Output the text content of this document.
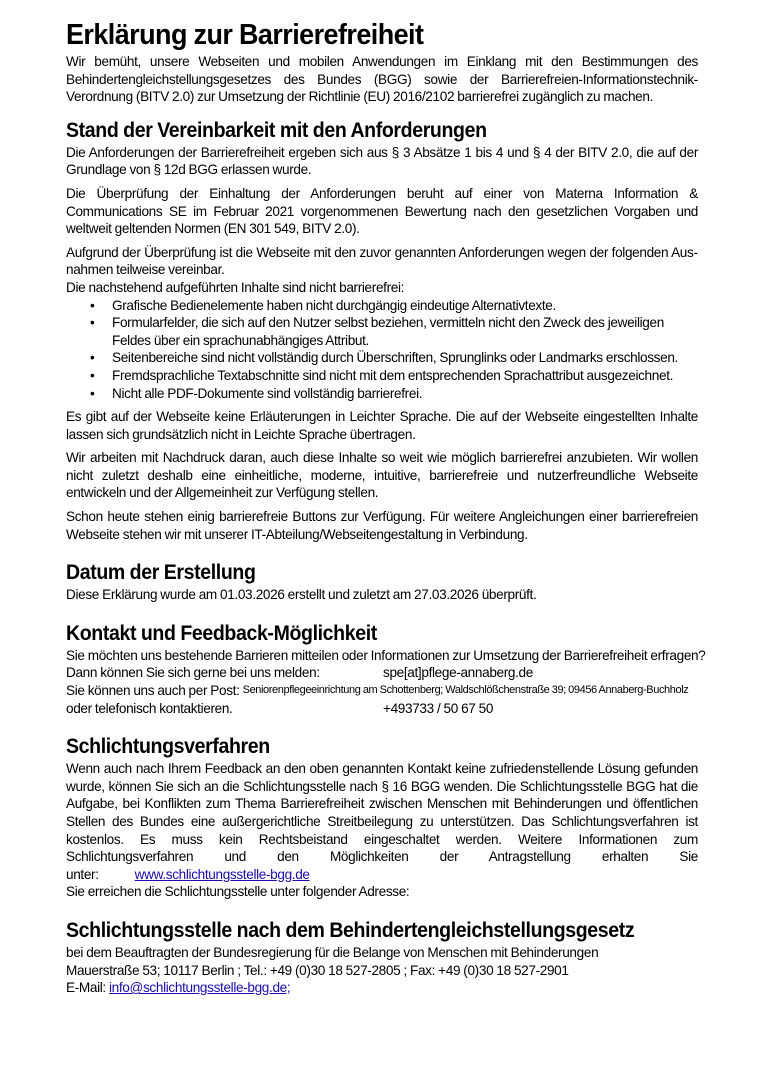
Erklärung zur Barrierefreiheit

Wir bemüht, unsere Webseiten und mobilen Anwendungen im Einklang mit den Bestimmungen des Behindertengleichstellungsgesetzes des Bundes (BGG) sowie der Barrierefreien-Informationstechnik-Verordnung (BITV 2.0) zur Umsetzung der Richtlinie (EU) 2016/2102 barrierefrei zugänglich zu machen.

Stand der Vereinbarkeit mit den Anforderungen

Die Anforderungen der Barrierefreiheit ergeben sich aus § 3 Absätze 1 bis 4 und § 4 der BITV 2.0, die auf der Grundlage von § 12d BGG erlassen wurde.

Die Überprüfung der Einhaltung der Anforderungen beruht auf einer von Materna Information & Communications SE im Februar 2021 vorgenommenen Bewertung nach den gesetzlichen Vorgaben und weltweit geltenden Normen (EN 301 549, BITV 2.0).

Aufgrund der Überprüfung ist die Webseite mit den zuvor genannten Anforderungen wegen der folgenden Ausnahmen teilweise vereinbar.

Die nachstehend aufgeführten Inhalte sind nicht barrierefrei:

• Grafische Bedienelemente haben nicht durchgängig eindeutige Alternativtexte.
• Formularfelder, die sich auf den Nutzer selbst beziehen, vermitteln nicht den Zweck des jeweiligen Feldes über ein sprachunabhängiges Attribut.
• Seitenbereiche sind nicht vollständig durch Überschriften, Sprunglinks oder Landmarks erschlossen.
• Fremdsprachliche Textabschnitte sind nicht mit dem entsprechenden Sprachattribut ausgezeichnet.
• Nicht alle PDF-Dokumente sind vollständig barrierefrei.

Es gibt auf der Webseite keine Erläuterungen in Leichter Sprache. Die auf der Webseite eingestellten Inhalte lassen sich grundsätzlich nicht in Leichte Sprache übertragen.

Wir arbeiten mit Nachdruck daran, auch diese Inhalte so weit wie möglich barrierefrei anzubieten. Wir wollen nicht zuletzt deshalb eine einheitliche, moderne, intuitive, barrierefreie und nutzerfreundliche Webseite entwickeln und der Allgemeinheit zur Verfügung stellen.

Schon heute stehen einig barrierefreie Buttons zur Verfügung. Für weitere Angleichungen einer barrierefreien Webseite stehen wir mit unserer IT-Abteilung/Webseitengestaltung in Verbindung.

Datum der Erstellung

Diese Erklärung wurde am 01.03.2026 erstellt und zuletzt am 27.03.2026 überprüft.

Kontakt und Feedback-Möglichkeit

Sie möchten uns bestehende Barrieren mitteilen oder Informationen zur Umsetzung der Barrierefreiheit erfragen?

Dann können Sie sich gerne bei uns melden:	spe[at]pflege-annaberg.de
Sie können uns auch per Post:
Seniorenpflegeeinrichtung am Schottenberg; Waldschlößchenstraße 39; 09456 Annaberg-Buchholz
oder telefonisch kontaktieren.	+493733 / 50 67 50
Schlichtungsverfahren

Wenn auch nach Ihrem Feedback an den oben genannten Kontakt keine zufriedenstellende Lösung gefunden wurde, können Sie sich an die Schlichtungsstelle nach § 16 BGG wenden. Die Schlichtungsstelle BGG hat die Aufgabe, bei Konflikten zum Thema Barrierefreiheit zwischen Menschen mit Behinderungen und öffentlichen Stellen des Bundes eine außergerichtliche Streitbeilegung zu unterstützen. Das Schlichtungsverfahren ist kostenlos. Es muss kein Rechtsbeistand eingeschaltet werden. Weitere Informationen zum Schlichtungsverfahren und den Möglichkeiten der Antragstellung erhalten Sie unter:	www.schlichtungsstelle-bgg.de

Sie erreichen die Schlichtungsstelle unter folgender Adresse:

Schlichtungsstelle nach dem Behindertengleichstellungsgesetz

bei dem Beauftragten der Bundesregierung für die Belange von Menschen mit Behinderungen

Mauerstraße 53; 10117 Berlin ; Tel.: +49 (0)30 18 527-2805 ; Fax: +49 (0)30 18 527-2901

E-Mail: info@schlichtungsstelle-bgg.de;
